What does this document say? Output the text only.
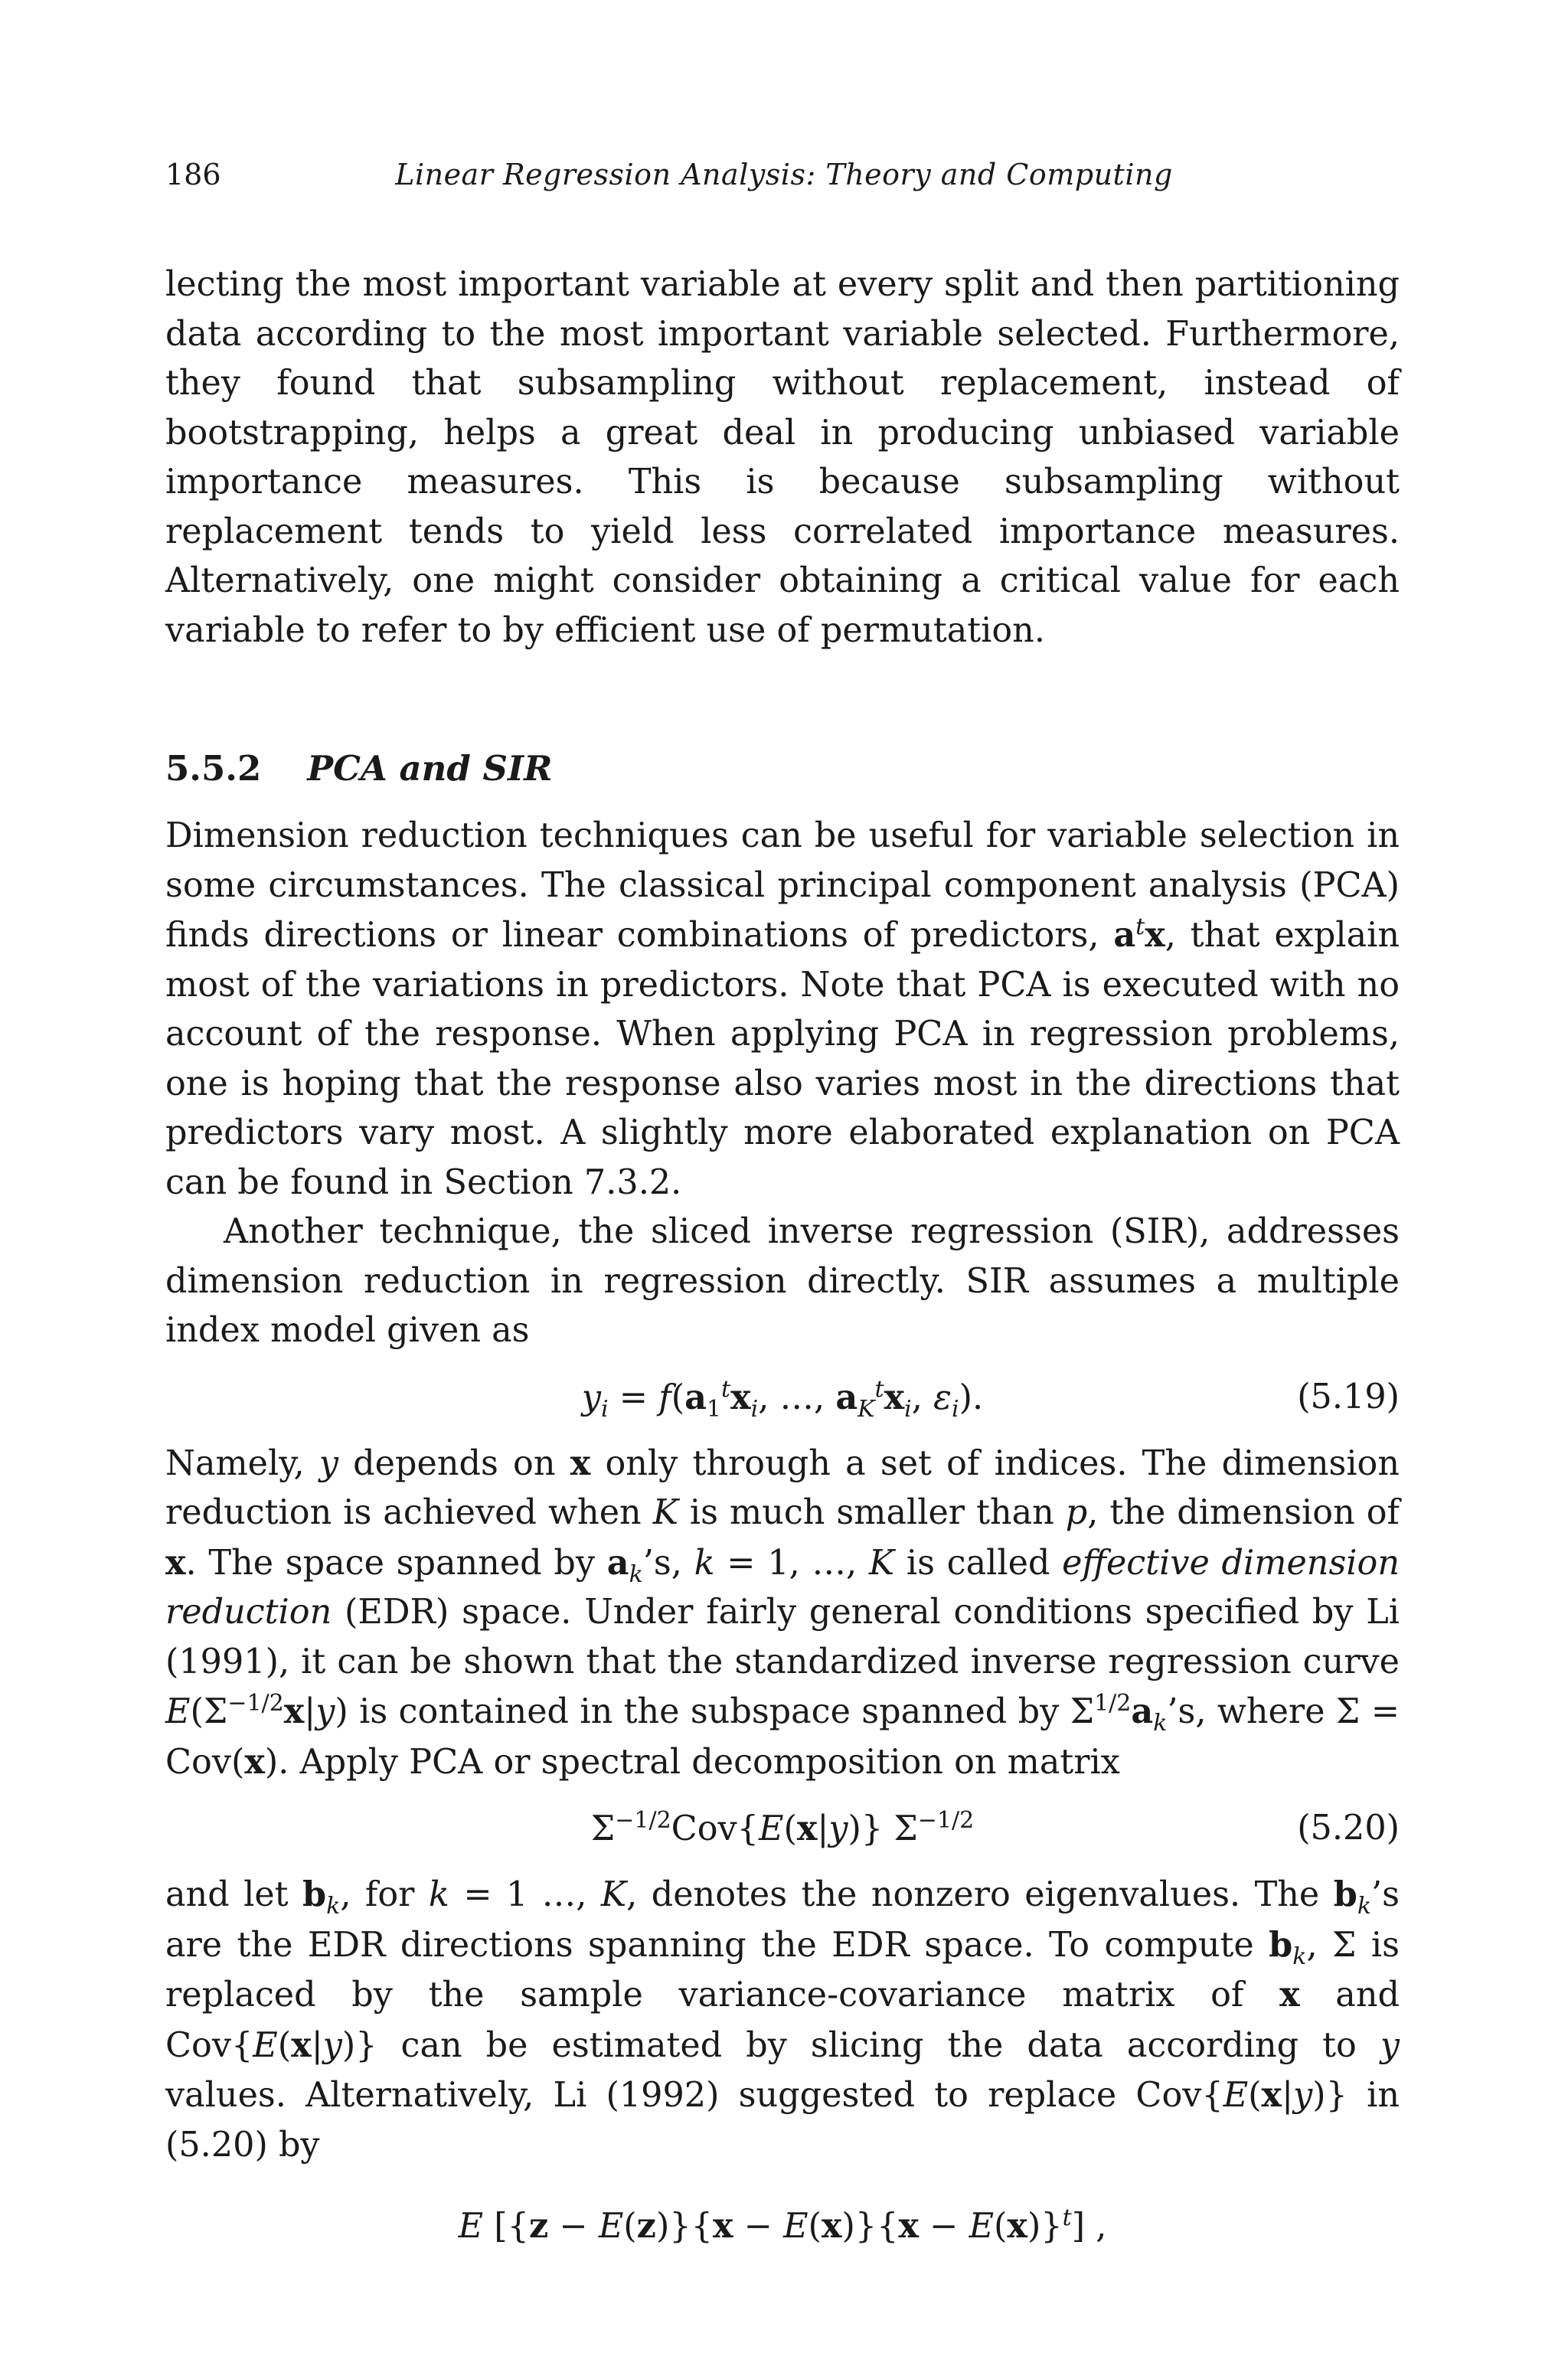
186	Linear Regression Analysis: Theory and Computing

lecting the most important variable at every split and then partitioning data according to the most important variable selected. Furthermore, they found that subsampling without replacement, instead of bootstrapping, helps a great deal in producing unbiased variable importance measures. This is because subsampling without replacement tends to yield less correlated importance measures. Alternatively, one might consider obtaining a critical value for each variable to refer to by efficient use of permutation.

5.5.2 PCA and SIR

Dimension reduction techniques can be useful for variable selection in some circumstances. The classical principal component analysis (PCA) finds directions or linear combinations of predictors, $a^tx$, that explain most of the variations in predictors. Note that PCA is executed with no account of the response. When applying PCA in regression problems, one is hoping that the response also varies most in the directions that predictors vary most. A slightly more elaborated explanation on PCA can be found in Section 7.3.2.

Another technique, the sliced inverse regression (SIR), addresses dimension reduction in regression directly. SIR assumes a multiple index model given as

$y_i = f(a_1^tx_i$, …, $a_K^tx_i$, $\varepsilon_i$).	(5.19)

Namely, y depends on x only through a set of indices. The dimension reduction is achieved when K is much smaller than p, the dimension of x. The space spanned by $a_k’s$, k = 1, …, K is called effective dimension reduction (EDR) space. Under fairly general conditions specified by Li (1991), it can be shown that the standardized inverse regression curve $E(\Sigma^{-1/2}x|y)$ is contained in the subspace spanned by $\Sigma^{1/2}a_k’s$, where Σ = Cov(x). Apply PCA or spectral decomposition on matrix

$\Sigma^{-1/2}Cov\{E(x|y)\}$ $\Sigma^{-1/2}$	(5.20)

and let $b_k$, for k = 1 …, K, denotes the nonzero eigenvalues. The $b_k’s$ are the EDR directions spanning the EDR space. To compute $b_k$, Σ is replaced by the sample variance-covariance matrix of x and Cov{E(x|y)} can be estimated by slicing the data according to y values. Alternatively, Li (1992) suggested to replace Cov{E(x|y)} in (5.20) by

E $[\{z - E(z)\}\{x - E(x)\}\{x - E(x)\}^t]$ ,
